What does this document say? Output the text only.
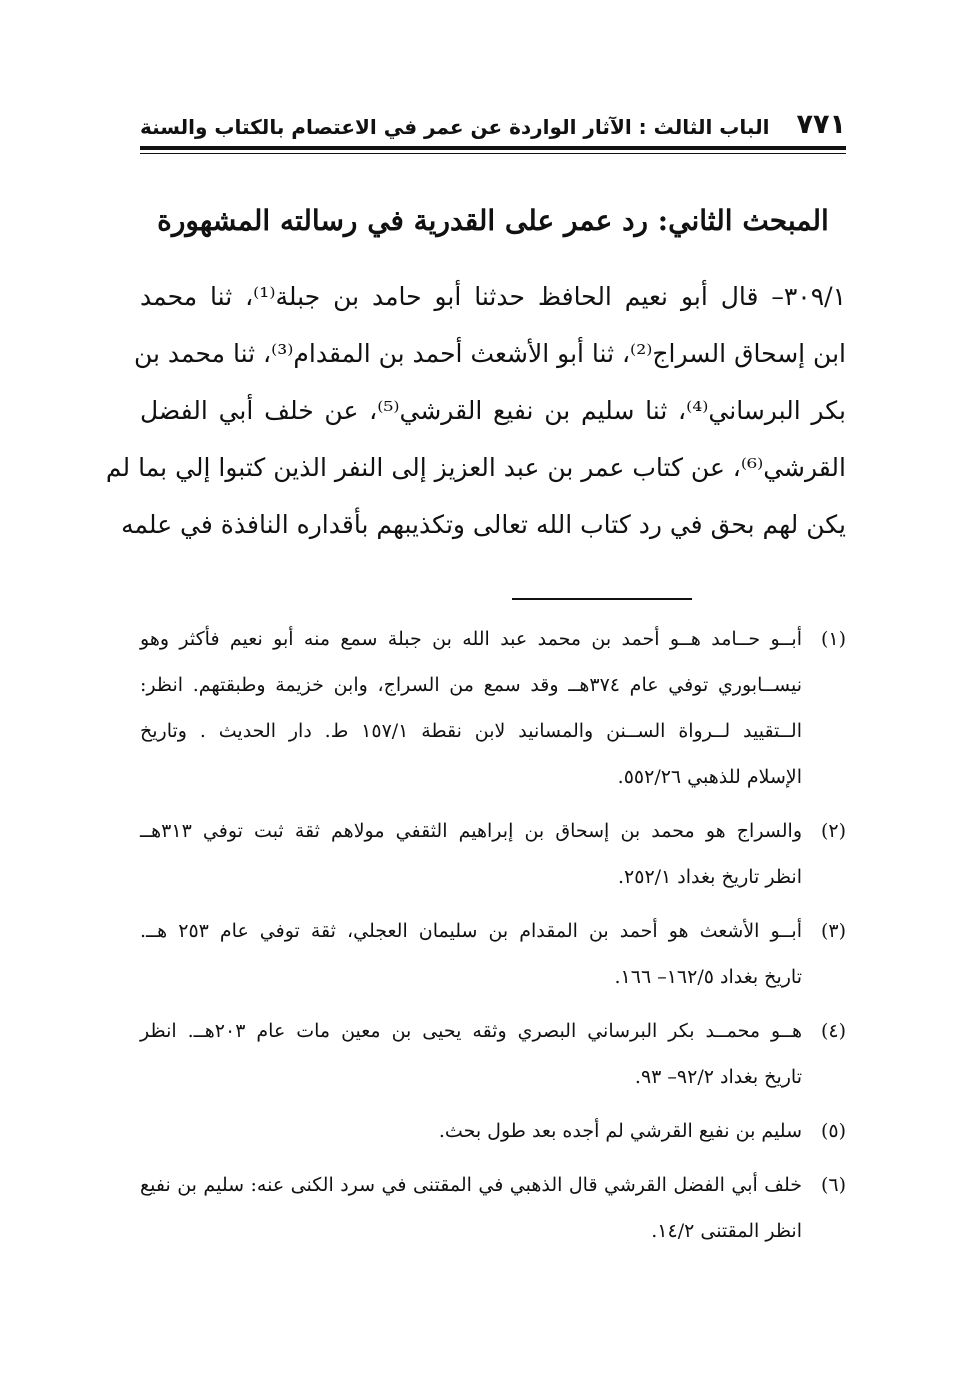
٧٧١
الباب الثالث : الآثار الواردة عن عمر في الاعتصام بالكتاب والسنة
المبحث الثاني: رد عمر على القدرية في رسالته المشهورة
٣٠٩/١– قال أبو نعيم الحافظ حدثنا أبو حامد بن جبلة⁽¹⁾، ثنا محمد
ابن إسحاق السراج⁽²⁾، ثنا أبو الأشعث أحمد بن المقدام⁽³⁾، ثنا محمد بن
بكر البرساني⁽⁴⁾، ثنا سليم بن نفيع القرشي⁽⁵⁾، عن خلف أبي الفضل
القرشي⁽⁶⁾، عن كتاب عمر بن عبد العزيز إلى النفر الذين كتبوا إلي بما لم
يكن لهم بحق في رد كتاب الله تعالى وتكذيبهم بأقداره النافذة في علمه
(١)
أبــو حــامد هــو أحمد بن محمد عبد الله بن جبلة سمع منه أبو نعيم فأكثر وهو
نيســابوري توفي عام ٣٧٤هــ وقد سمع من السراج، وابن خزيمة وطبقتهم. انظر:
الــتقييد لــرواة الســنن والمسانيد لابن نقطة ١٥٧/١ ط. دار الحديث . وتاريخ
الإسلام للذهبي ٥٥٢/٢٦.
(٢)
والسراج هو محمد بن إسحاق بن إبراهيم الثقفي مولاهم ثقة ثبت توفي ٣١٣هــ
انظر تاريخ بغداد ٢٥٢/١.
(٣)
أبــو الأشعث هو أحمد بن المقدام بن سليمان العجلي، ثقة توفي عام ٢٥٣ هــ.
تاريخ بغداد ١٦٢/٥– ١٦٦.
(٤)
هــو محمــد بكر البرساني البصري وثقه يحيى بن معين مات عام ٢٠٣هــ. انظر
تاريخ بغداد ٩٢/٢– ٩٣.
(٥)
سليم بن نفيع القرشي لم أجده بعد طول بحث.
(٦)
خلف أبي الفضل القرشي قال الذهبي في المقتنى في سرد الكنى عنه: سليم بن نفيع
انظر المقتنى ١٤/٢.
